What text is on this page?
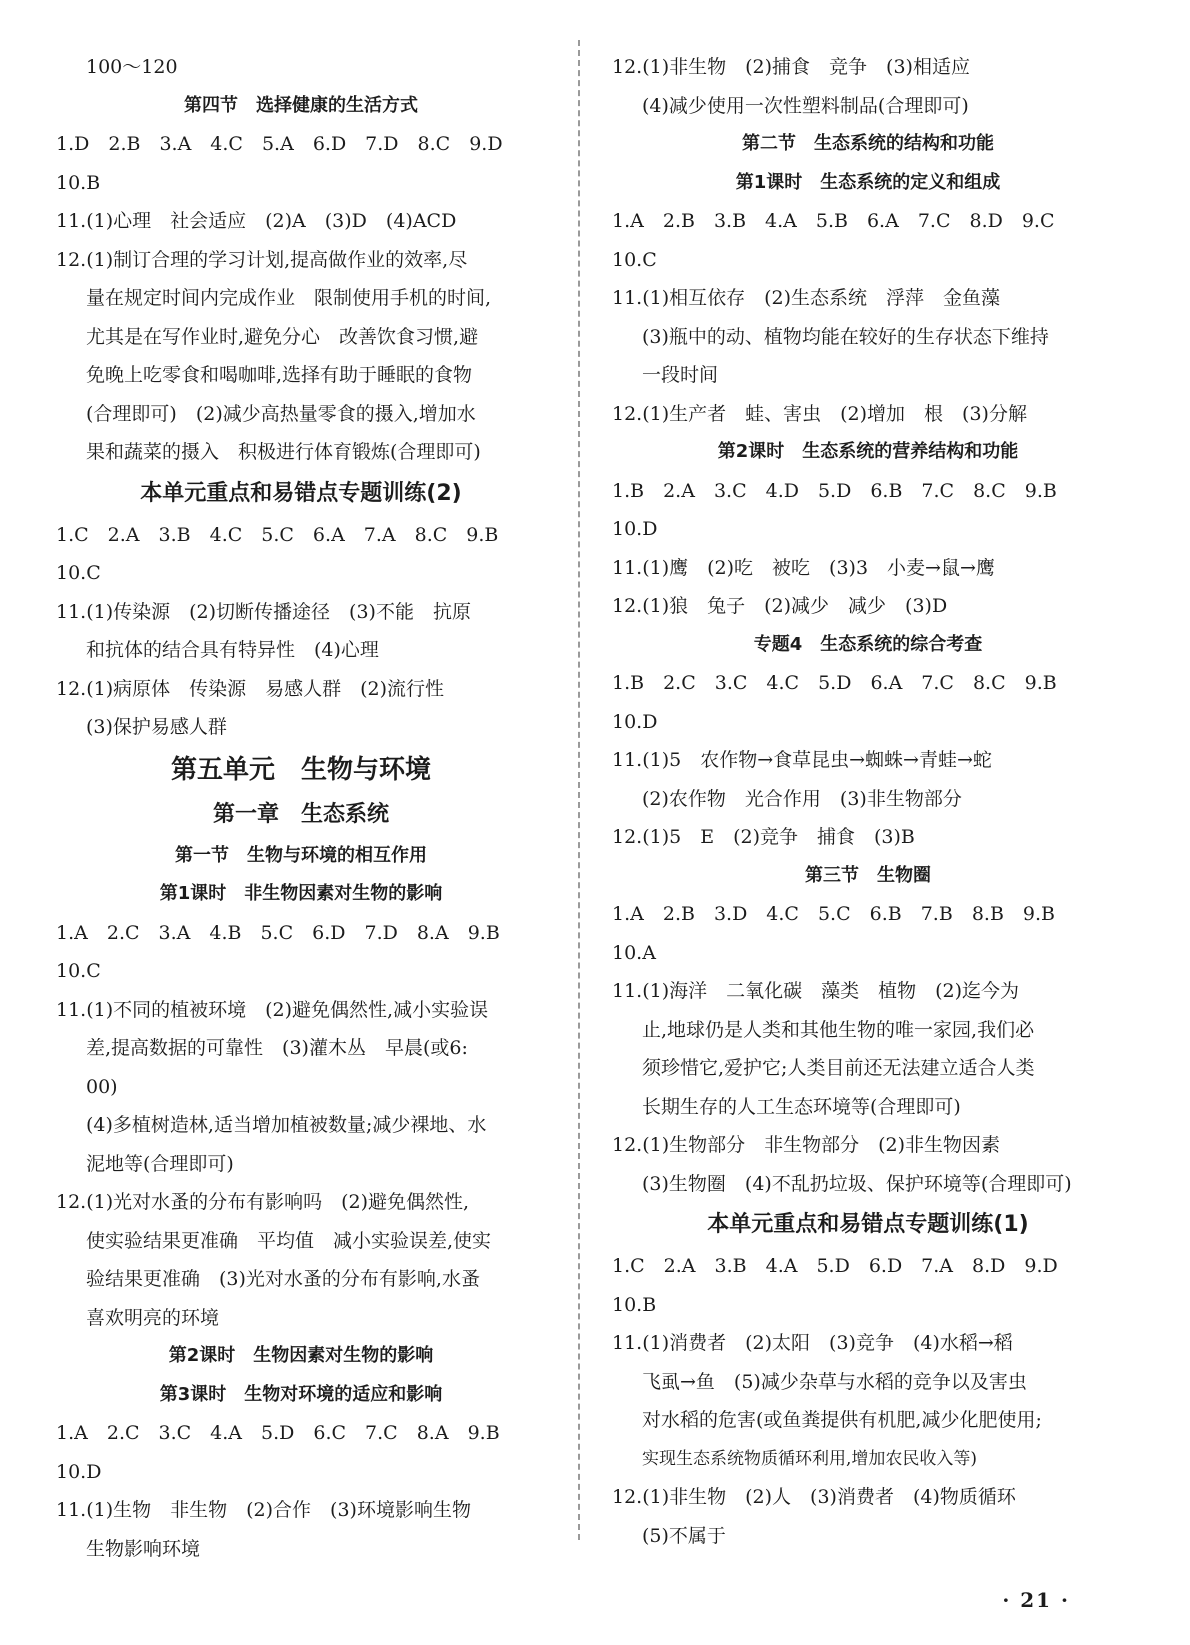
100～120
第四节　选择健康的生活方式
1.D　2.B　3.A　4.C　5.A　6.D　7.D　8.C　9.D
10.B
11.(1)心理　社会适应　(2)A　(3)D　(4)ACD
12.(1)制订合理的学习计划,提高做作业的效率,尽
量在规定时间内完成作业　限制使用手机的时间,
尤其是在写作业时,避免分心　改善饮食习惯,避
免晚上吃零食和喝咖啡,选择有助于睡眠的食物
(合理即可)　(2)减少高热量零食的摄入,增加水
果和蔬菜的摄入　积极进行体育锻炼(合理即可)
本单元重点和易错点专题训练(2)
1.C　2.A　3.B　4.C　5.C　6.A　7.A　8.C　9.B
10.C
11.(1)传染源　(2)切断传播途径　(3)不能　抗原
和抗体的结合具有特异性　(4)心理
12.(1)病原体　传染源　易感人群　(2)流行性
(3)保护易感人群
第五单元　生物与环境
第一章　生态系统
第一节　生物与环境的相互作用
第1课时　非生物因素对生物的影响
1.A　2.C　3.A　4.B　5.C　6.D　7.D　8.A　9.B
10.C
11.(1)不同的植被环境　(2)避免偶然性,减小实验误
差,提高数据的可靠性　(3)灌木丛　早晨(或6:
00)
(4)多植树造林,适当增加植被数量;减少裸地、水
泥地等(合理即可)
12.(1)光对水蚤的分布有影响吗　(2)避免偶然性,
使实验结果更准确　平均值　减小实验误差,使实
验结果更准确　(3)光对水蚤的分布有影响,水蚤
喜欢明亮的环境
第2课时　生物因素对生物的影响
第3课时　生物对环境的适应和影响
1.A　2.C　3.C　4.A　5.D　6.C　7.C　8.A　9.B
10.D
11.(1)生物　非生物　(2)合作　(3)环境影响生物
生物影响环境
12.(1)非生物　(2)捕食　竞争　(3)相适应
(4)减少使用一次性塑料制品(合理即可)
第二节　生态系统的结构和功能
第1课时　生态系统的定义和组成
1.A　2.B　3.B　4.A　5.B　6.A　7.C　8.D　9.C
10.C
11.(1)相互依存　(2)生态系统　浮萍　金鱼藻
(3)瓶中的动、植物均能在较好的生存状态下维持
一段时间
12.(1)生产者　蛙、害虫　(2)增加　根　(3)分解
第2课时　生态系统的营养结构和功能
1.B　2.A　3.C　4.D　5.D　6.B　7.C　8.C　9.B
10.D
11.(1)鹰　(2)吃　被吃　(3)3　小麦→鼠→鹰
12.(1)狼　兔子　(2)减少　减少　(3)D
专题4　生态系统的综合考查
1.B　2.C　3.C　4.C　5.D　6.A　7.C　8.C　9.B
10.D
11.(1)5　农作物→食草昆虫→蜘蛛→青蛙→蛇
(2)农作物　光合作用　(3)非生物部分
12.(1)5　E　(2)竞争　捕食　(3)B
第三节　生物圈
1.A　2.B　3.D　4.C　5.C　6.B　7.B　8.B　9.B
10.A
11.(1)海洋　二氧化碳　藻类　植物　(2)迄今为
止,地球仍是人类和其他生物的唯一家园,我们必
须珍惜它,爱护它;人类目前还无法建立适合人类
长期生存的人工生态环境等(合理即可)
12.(1)生物部分　非生物部分　(2)非生物因素
(3)生物圈　(4)不乱扔垃圾、保护环境等(合理即可)
本单元重点和易错点专题训练(1)
1.C　2.A　3.B　4.A　5.D　6.D　7.A　8.D　9.D
10.B
11.(1)消费者　(2)太阳　(3)竞争　(4)水稻→稻
飞虱→鱼　(5)减少杂草与水稻的竞争以及害虫
对水稻的危害(或鱼粪提供有机肥,减少化肥使用;
实现生态系统物质循环利用,增加农民收入等)
12.(1)非生物　(2)人　(3)消费者　(4)物质循环
(5)不属于
· 21 ·
